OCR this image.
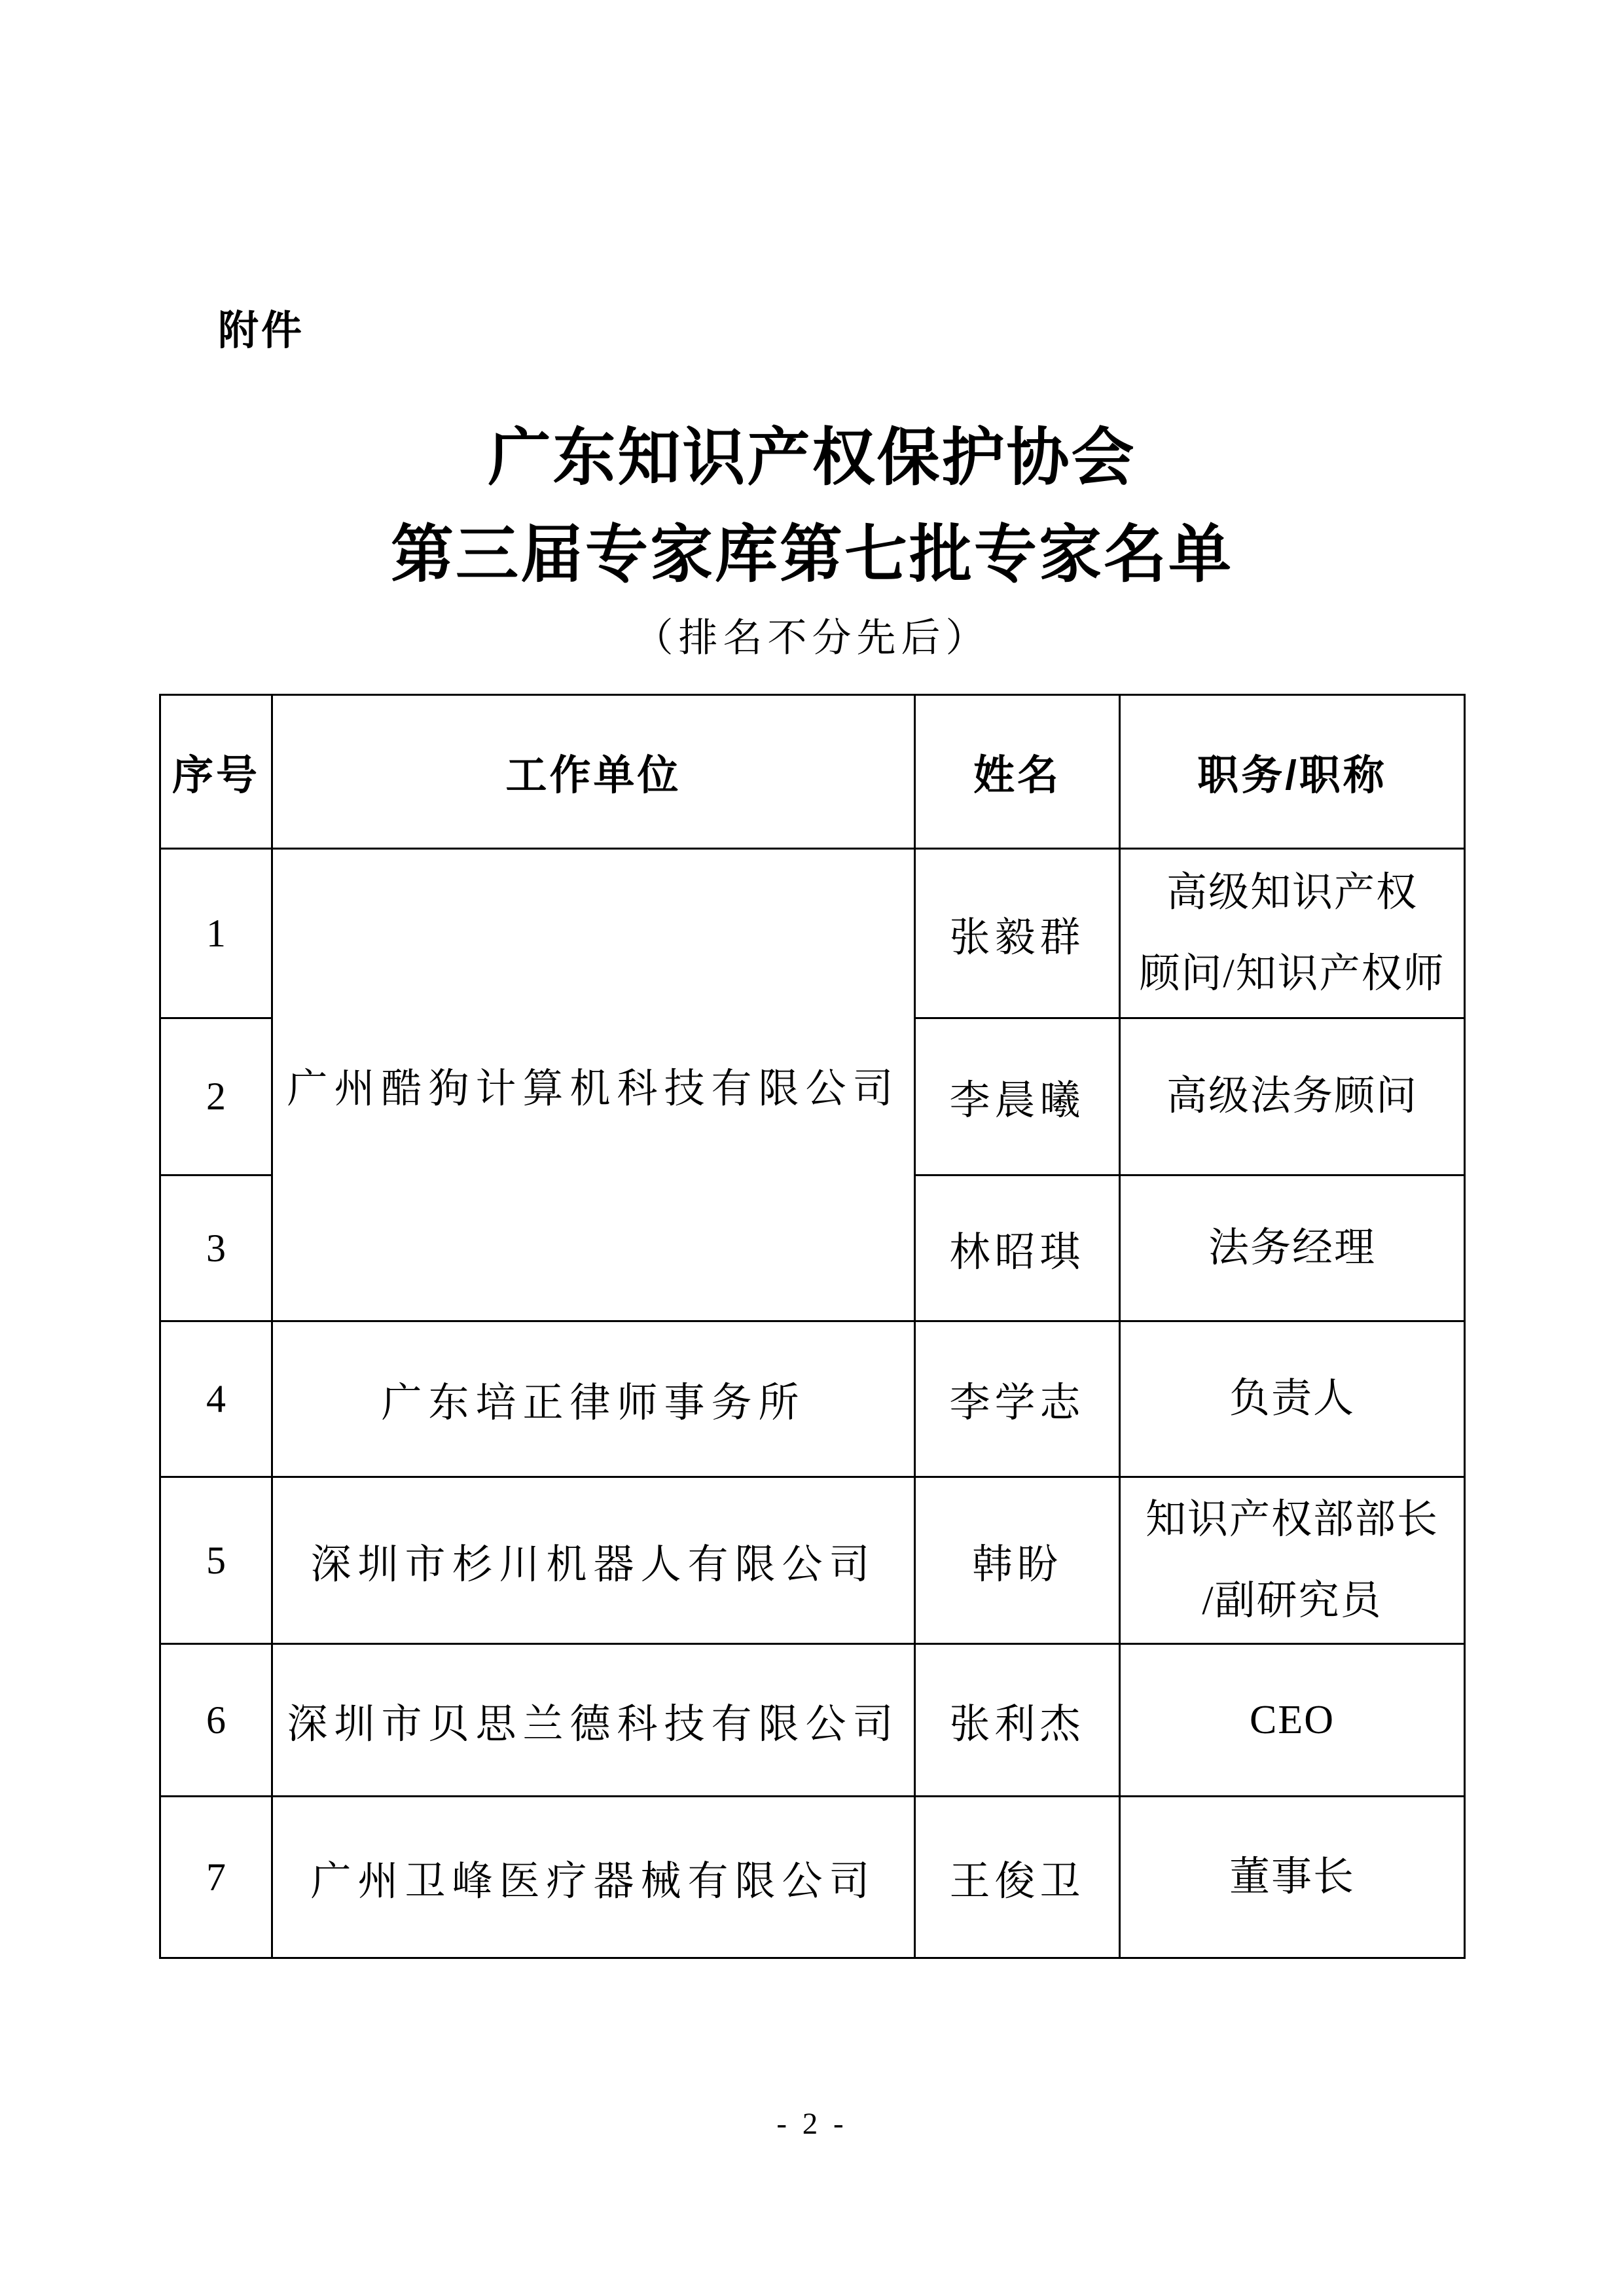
附件
广东知识产权保护协会
第三届专家库第七批专家名单
（排名不分先后）
序号	工作单位	姓名	职务/职称
1	广州酷狗计算机科技有限公司	张毅群	高级知识产权
顾问/知识产权师

2		李晨曦	高级法务顾问

3		林昭琪	法务经理

4	广东培正律师事务所	李学志	负责人

5	深圳市杉川机器人有限公司	韩盼	知识产权部部长
/副研究员

6	深圳市贝思兰德科技有限公司	张利杰	CEO

7	广州卫峰医疗器械有限公司	王俊卫	董事长
- 2 -
